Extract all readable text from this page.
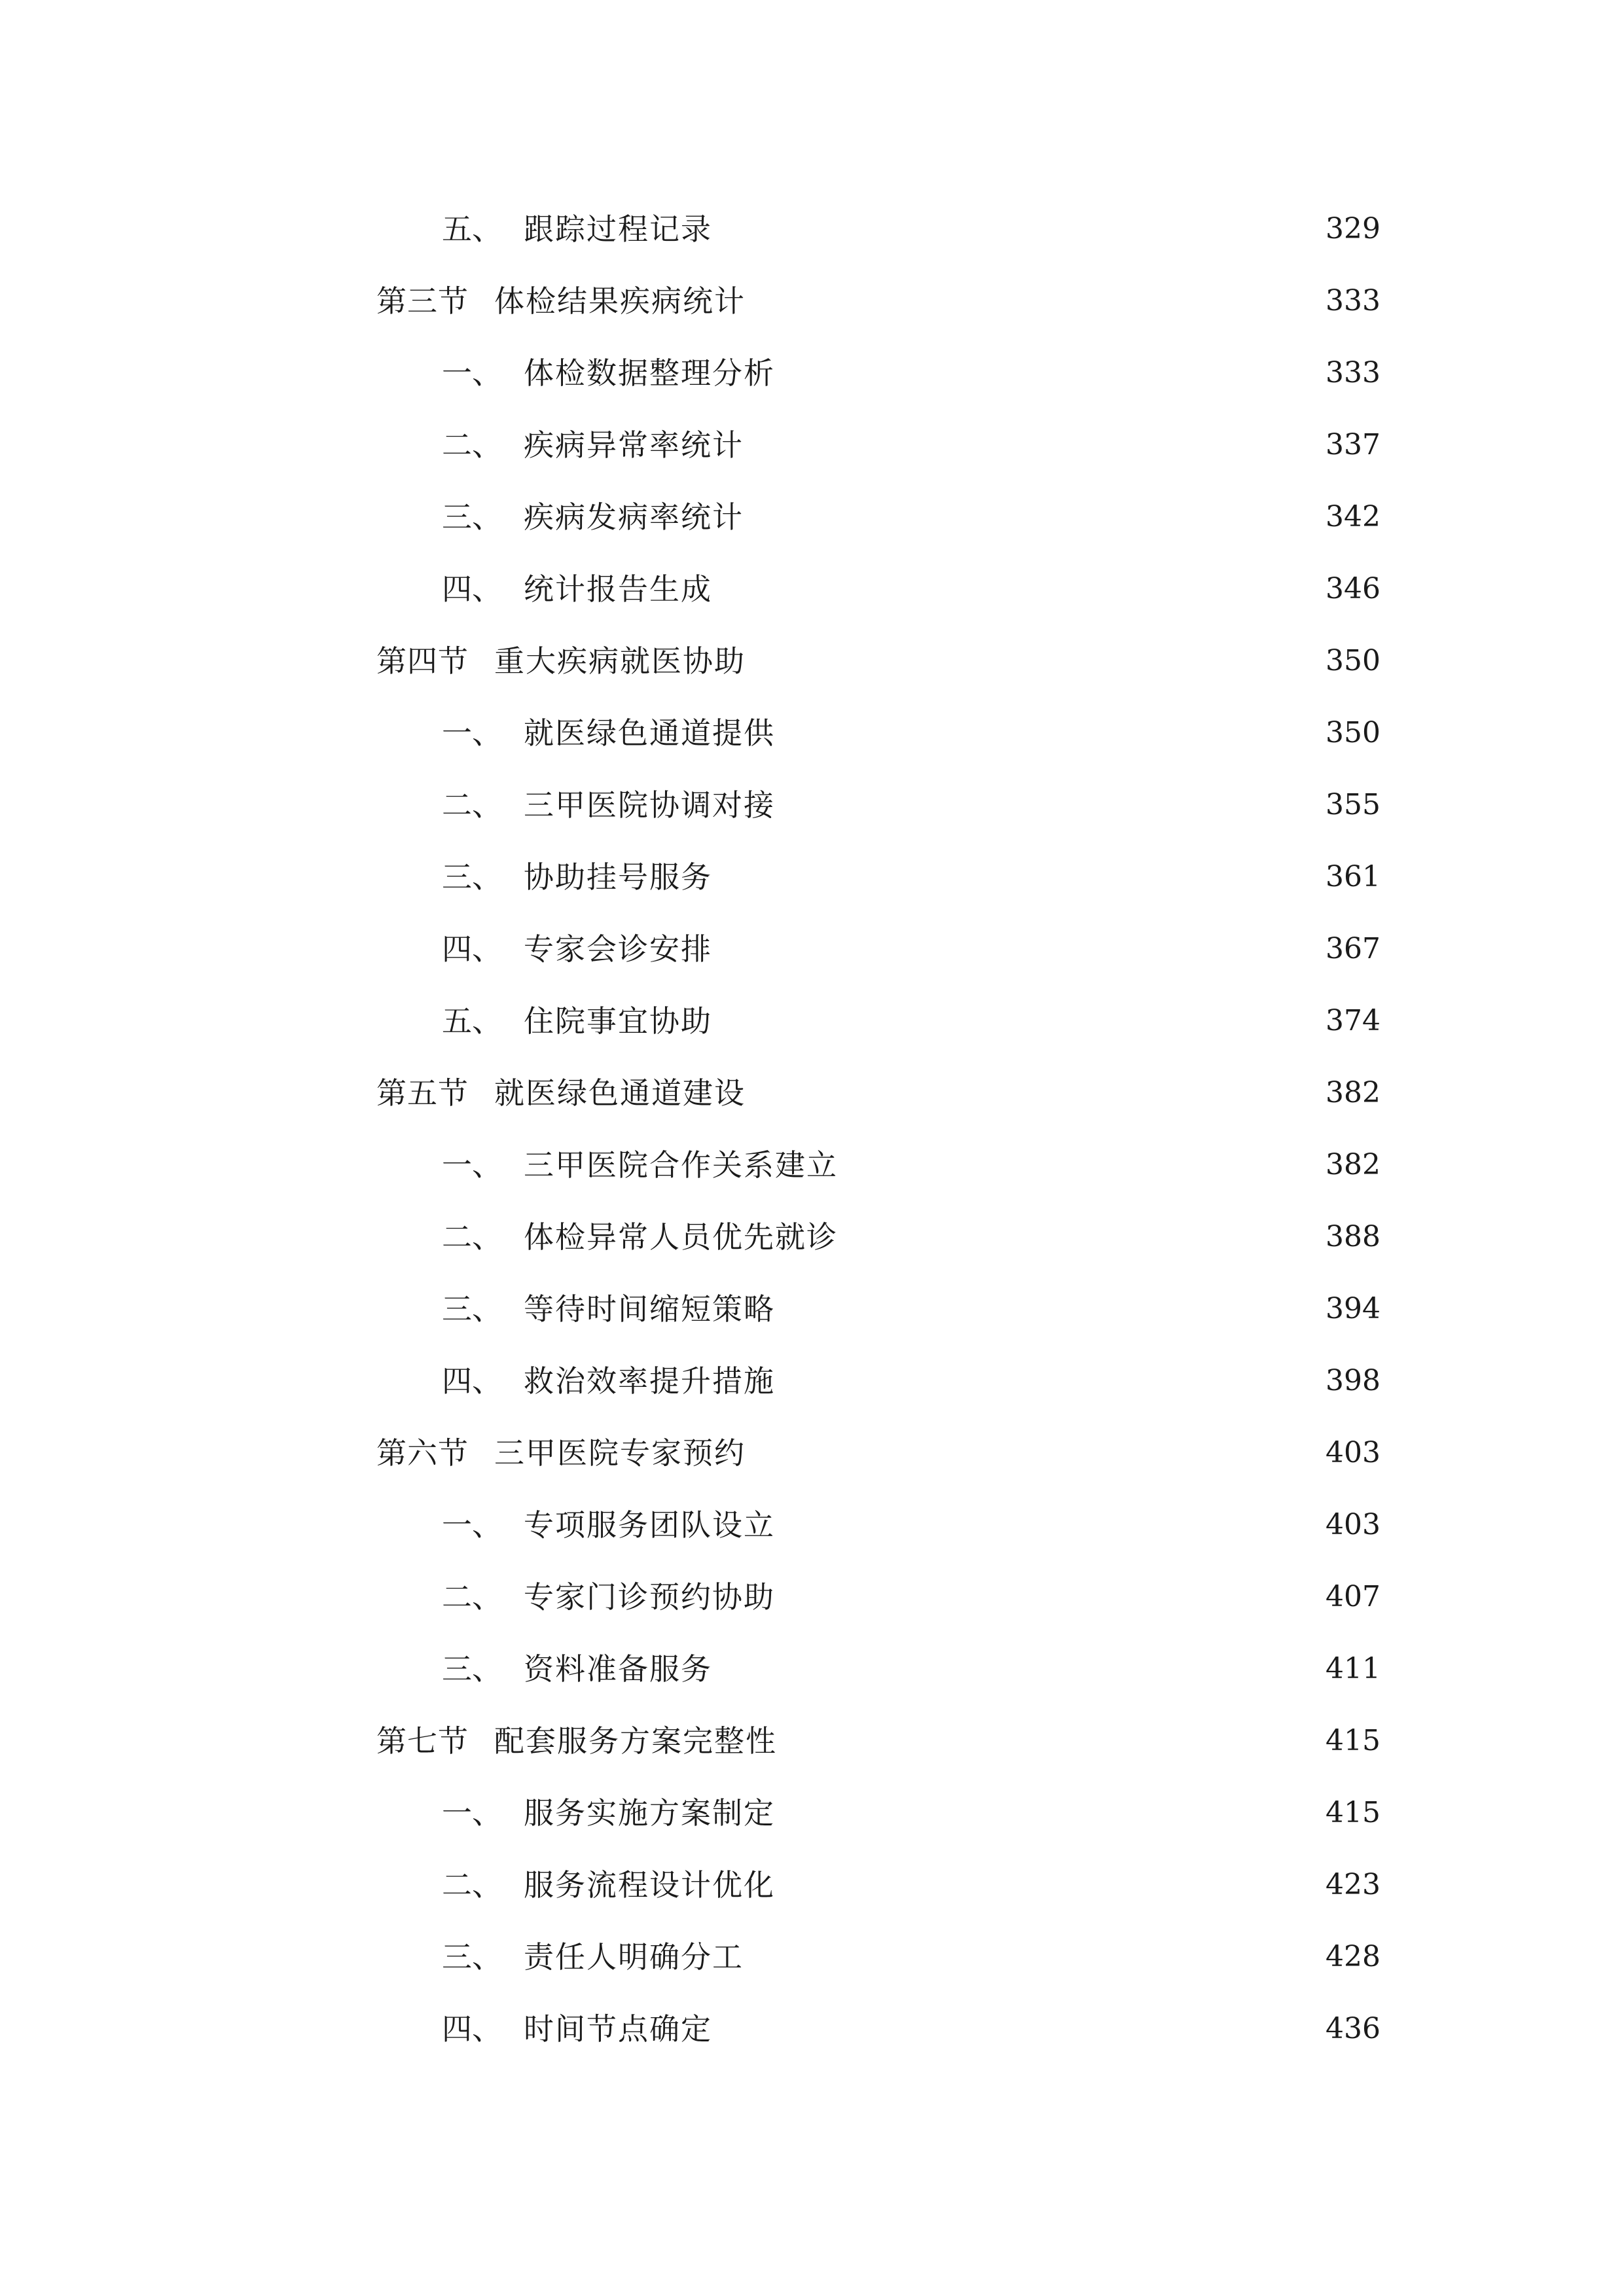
五、 跟踪过程记录	329
第三节 体检结果疾病统计	333
一、 体检数据整理分析	333
二、 疾病异常率统计	337
三、 疾病发病率统计	342
四、 统计报告生成	346
第四节 重大疾病就医协助	350
一、 就医绿色通道提供	350
二、 三甲医院协调对接	355
三、 协助挂号服务	361
四、 专家会诊安排	367
五、 住院事宜协助	374
第五节 就医绿色通道建设	382
一、 三甲医院合作关系建立	382
二、 体检异常人员优先就诊	388
三、 等待时间缩短策略	394
四、 救治效率提升措施	398
第六节 三甲医院专家预约	403
一、 专项服务团队设立	403
二、 专家门诊预约协助	407
三、 资料准备服务	411
第七节 配套服务方案完整性	415
一、 服务实施方案制定	415
二、 服务流程设计优化	423
三、 责任人明确分工	428
四、 时间节点确定	436
